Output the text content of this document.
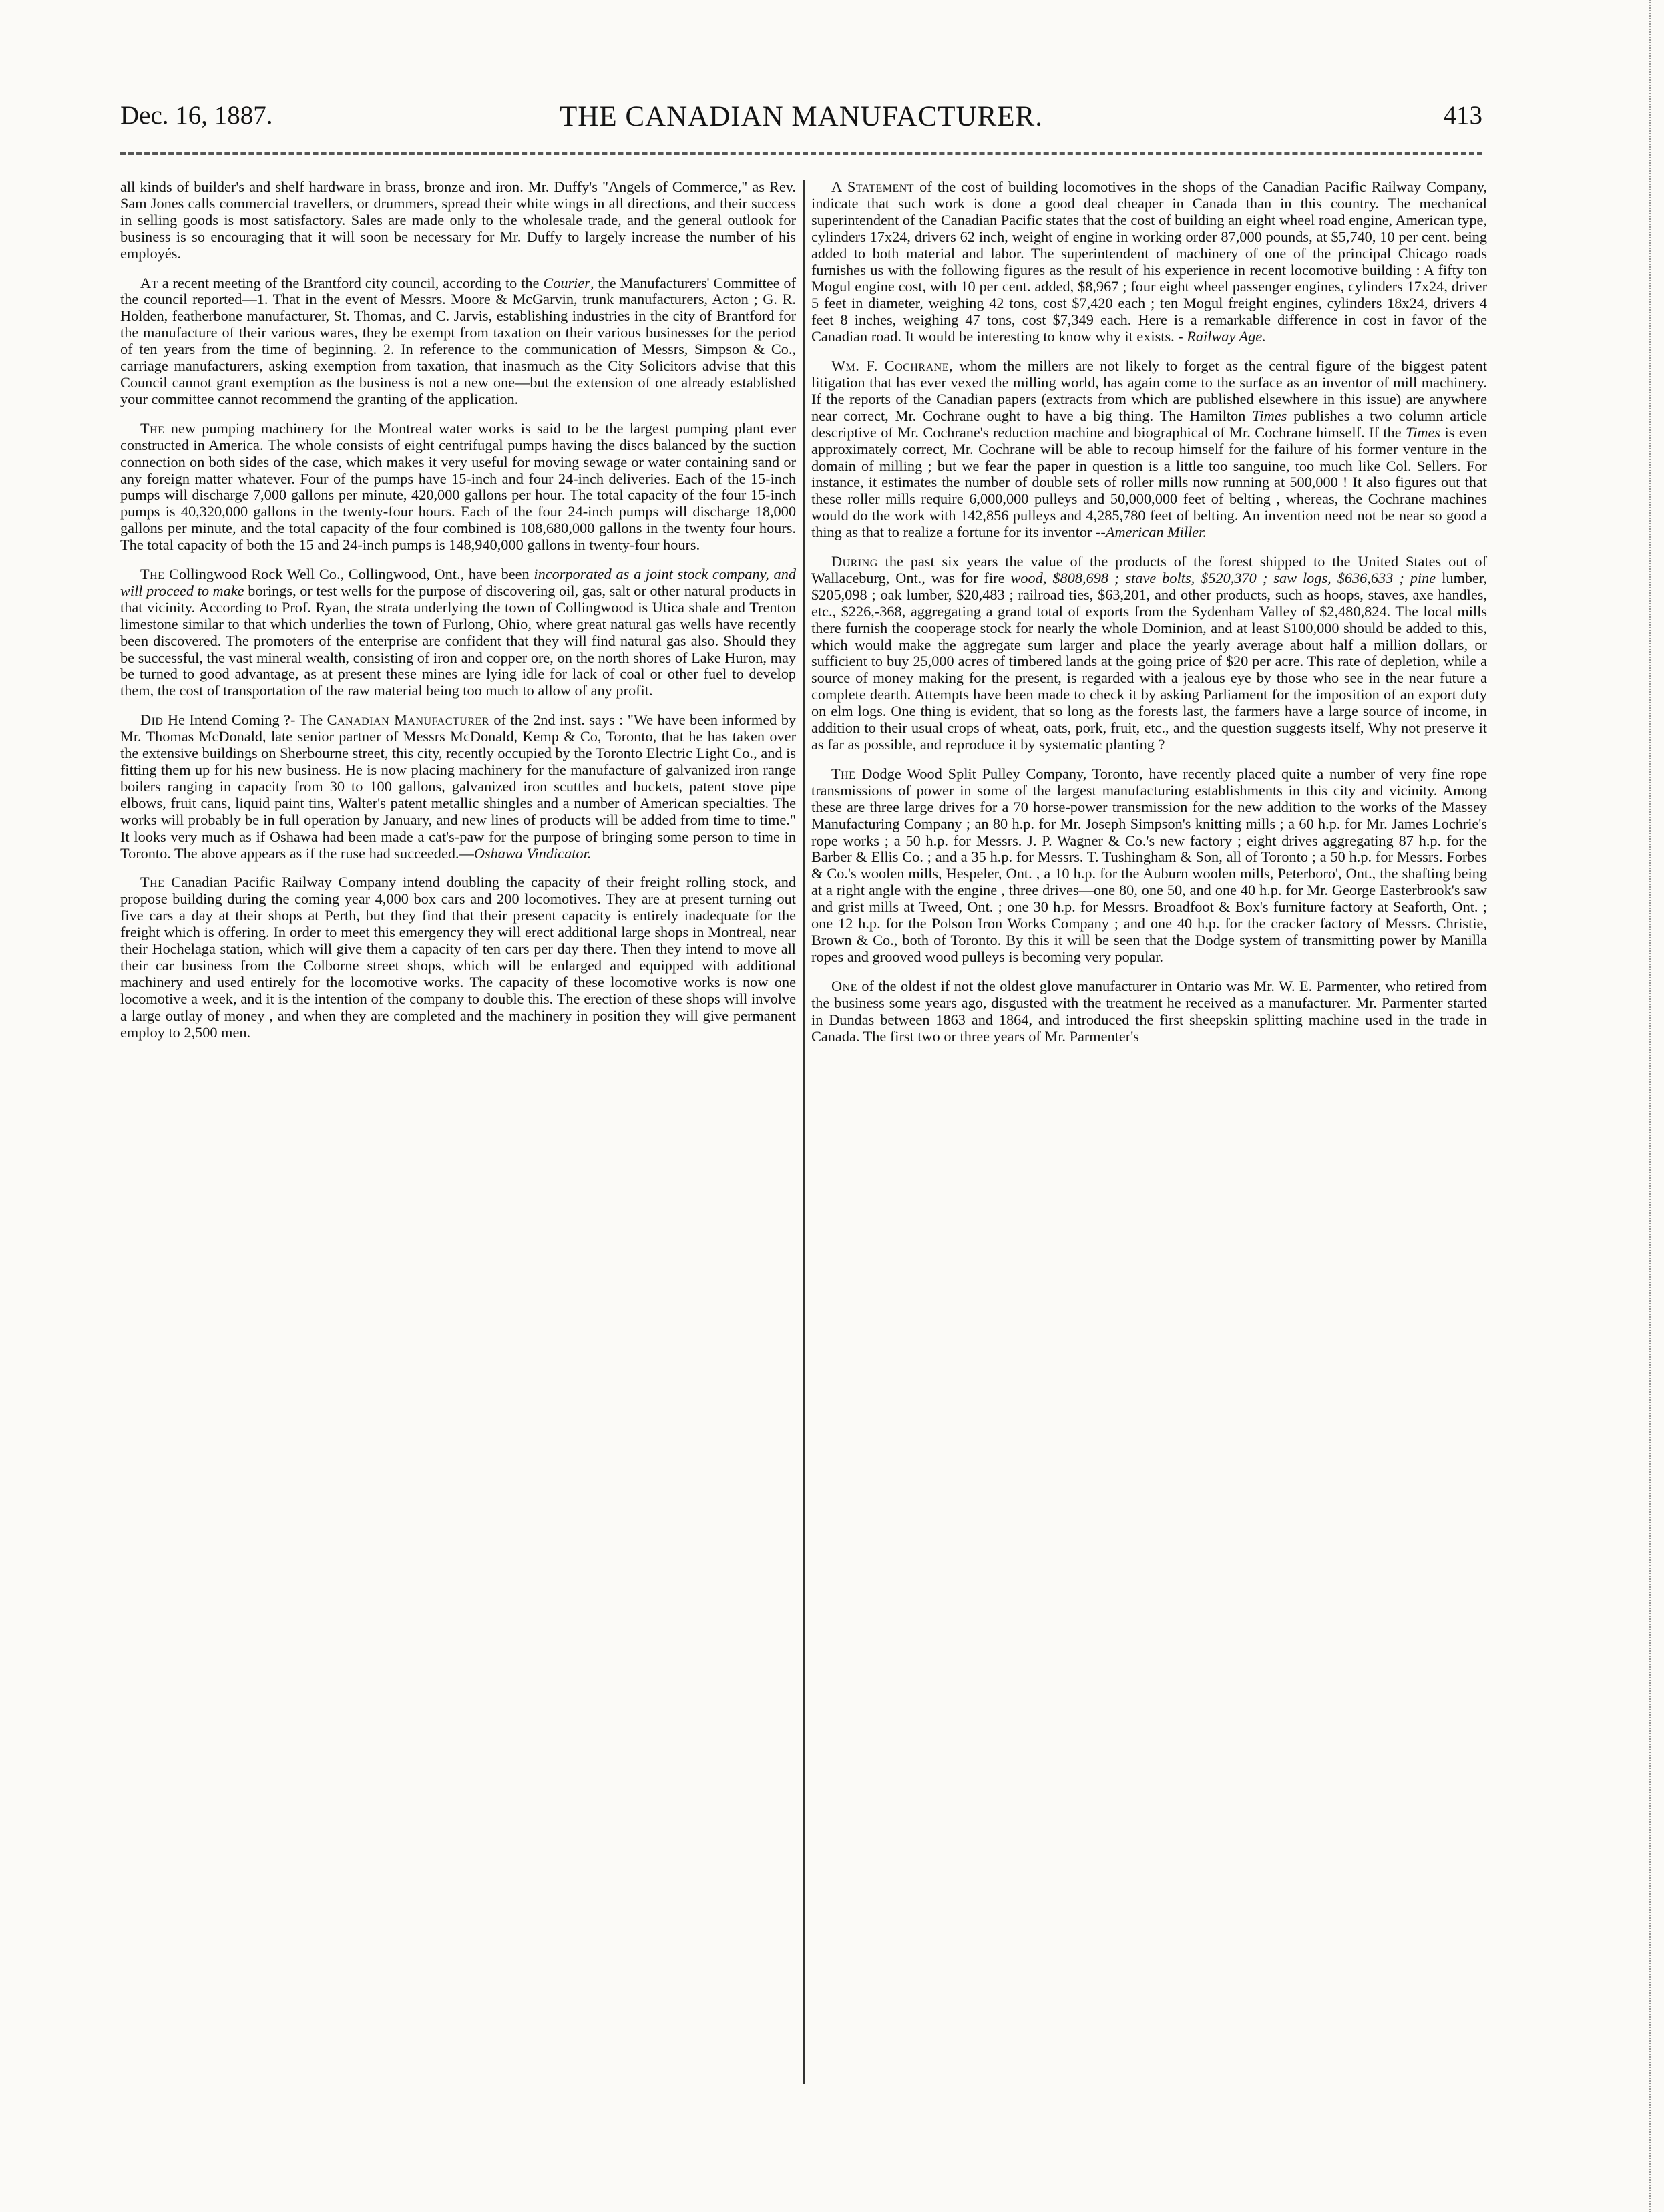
Dec. 16, 1887.	THE CANADIAN MANUFACTURER.	413

all kinds of builder's and shelf hardware in brass, bronze and iron. Mr. Duffy's "Angels of Commerce," as Rev. Sam Jones calls commercial travellers, or drummers, spread their white wings in all directions, and their success in selling goods is most satisfactory. Sales are made only to the wholesale trade, and the general outlook for business is so encouraging that it will soon be necessary for Mr. Duffy to largely increase the number of his employés.

At a recent meeting of the Brantford city council, according to the Courier, the Manufacturers' Committee of the council reported—1. That in the event of Messrs. Moore & McGarvin, trunk manufacturers, Acton ; G. R. Holden, featherbone manufacturer, St. Thomas, and C. Jarvis, establishing industries in the city of Brantford for the manufacture of their various wares, they be exempt from taxation on their various businesses for the period of ten years from the time of beginning. 2. In reference to the communication of Messrs, Simpson & Co., carriage manufacturers, asking exemption from taxation, that inasmuch as the City Solicitors advise that this Council cannot grant exemption as the business is not a new one—but the extension of one already established your committee cannot recommend the granting of the application.

The new pumping machinery for the Montreal water works is said to be the largest pumping plant ever constructed in America. The whole consists of eight centrifugal pumps having the discs balanced by the suction connection on both sides of the case, which makes it very useful for moving sewage or water containing sand or any foreign matter whatever. Four of the pumps have 15-inch and four 24-inch deliveries. Each of the 15-inch pumps will discharge 7,000 gallons per minute, 420,000 gallons per hour. The total capacity of the four 15-inch pumps is 40,320,000 gallons in the twenty-four hours. Each of the four 24-inch pumps will discharge 18,000 gallons per minute, and the total capacity of the four combined is 108,680,000 gallons in the twenty four hours. The total capacity of both the 15 and 24-inch pumps is 148,940,000 gallons in twenty-four hours.

The Collingwood Rock Well Co., Collingwood, Ont., have been incorporated as a joint stock company, and will proceed to make borings, or test wells for the purpose of discovering oil, gas, salt or other natural products in that vicinity. According to Prof. Ryan, the strata underlying the town of Collingwood is Utica shale and Trenton limestone similar to that which underlies the town of Furlong, Ohio, where great natural gas wells have recently been discovered. The promoters of the enterprise are confident that they will find natural gas also. Should they be successful, the vast mineral wealth, consisting of iron and copper ore, on the north shores of Lake Huron, may be turned to good advantage, as at present these mines are lying idle for lack of coal or other fuel to develop them, the cost of transportation of the raw material being too much to allow of any profit.

Did He Intend Coming ?- The Canadian Manufacturer of the 2nd inst. says : "We have been informed by Mr. Thomas McDonald, late senior partner of Messrs McDonald, Kemp & Co, Toronto, that he has taken over the extensive buildings on Sherbourne street, this city, recently occupied by the Toronto Electric Light Co., and is fitting them up for his new business. He is now placing machinery for the manufacture of galvanized iron range boilers ranging in capacity from 30 to 100 gallons, galvanized iron scuttles and buckets, patent stove pipe elbows, fruit cans, liquid paint tins, Walter's patent metallic shingles and a number of American specialties. The works will probably be in full operation by January, and new lines of products will be added from time to time." It looks very much as if Oshawa had been made a cat's-paw for the purpose of bringing some person to time in Toronto. The above appears as if the ruse had succeeded.—Oshawa Vindicator.

The Canadian Pacific Railway Company intend doubling the capacity of their freight rolling stock, and propose building during the coming year 4,000 box cars and 200 locomotives. They are at present turning out five cars a day at their shops at Perth, but they find that their present capacity is entirely inadequate for the freight which is offering. In order to meet this emergency they will erect additional large shops in Montreal, near their Hochelaga station, which will give them a capacity of ten cars per day there. Then they intend to move all their car business from the Colborne street shops, which will be enlarged and equipped with additional machinery and used entirely for the locomotive works. The capacity of these locomotive works is now one locomotive a week, and it is the intention of the company to double this. The erection of these shops will involve a large outlay of money , and when they are completed and the machinery in position they will give permanent employ to 2,500 men.

A Statement of the cost of building locomotives in the shops of the Canadian Pacific Railway Company, indicate that such work is done a good deal cheaper in Canada than in this country. The mechanical superintendent of the Canadian Pacific states that the cost of building an eight wheel road engine, American type, cylinders 17x24, drivers 62 inch, weight of engine in working order 87,000 pounds, at $5,740, 10 per cent. being added to both material and labor. The superintendent of machinery of one of the principal Chicago roads furnishes us with the following figures as the result of his experience in recent locomotive building : A fifty ton Mogul engine cost, with 10 per cent. added, $8,967 ; four eight wheel passenger engines, cylinders 17x24, driver 5 feet in diameter, weighing 42 tons, cost $7,420 each ; ten Mogul freight engines, cylinders 18x24, drivers 4 feet 8 inches, weighing 47 tons, cost $7,349 each. Here is a remarkable difference in cost in favor of the Canadian road. It would be interesting to know why it exists. - Railway Age.

Wm. F. Cochrane, whom the millers are not likely to forget as the central figure of the biggest patent litigation that has ever vexed the milling world, has again come to the surface as an inventor of mill machinery. If the reports of the Canadian papers (extracts from which are published elsewhere in this issue) are anywhere near correct, Mr. Cochrane ought to have a big thing. The Hamilton Times publishes a two column article descriptive of Mr. Cochrane's reduction machine and biographical of Mr. Cochrane himself. If the Times is even approximately correct, Mr. Cochrane will be able to recoup himself for the failure of his former venture in the domain of milling ; but we fear the paper in question is a little too sanguine, too much like Col. Sellers. For instance, it estimates the number of double sets of roller mills now running at 500,000 ! It also figures out that these roller mills require 6,000,000 pulleys and 50,000,000 feet of belting , whereas, the Cochrane machines would do the work with 142,856 pulleys and 4,285,780 feet of belting. An invention need not be near so good a thing as that to realize a fortune for its inventor --American Miller.

During the past six years the value of the products of the forest shipped to the United States out of Wallaceburg, Ont., was for fire wood, $808,698 ; stave bolts, $520,370 ; saw logs, $636,633 ; pine lumber, $205,098 ; oak lumber, $20,483 ; railroad ties, $63,201, and other products, such as hoops, staves, axe handles, etc., $226,-368, aggregating a grand total of exports from the Sydenham Valley of $2,480,824. The local mills there furnish the cooperage stock for nearly the whole Dominion, and at least $100,000 should be added to this, which would make the aggregate sum larger and place the yearly average about half a million dollars, or sufficient to buy 25,000 acres of timbered lands at the going price of $20 per acre. This rate of depletion, while a source of money making for the present, is regarded with a jealous eye by those who see in the near future a complete dearth. Attempts have been made to check it by asking Parliament for the imposition of an export duty on elm logs. One thing is evident, that so long as the forests last, the farmers have a large source of income, in addition to their usual crops of wheat, oats, pork, fruit, etc., and the question suggests itself, Why not preserve it as far as possible, and reproduce it by systematic planting ?

The Dodge Wood Split Pulley Company, Toronto, have recently placed quite a number of very fine rope transmissions of power in some of the largest manufacturing establishments in this city and vicinity. Among these are three large drives for a 70 horse-power transmission for the new addition to the works of the Massey Manufacturing Company ; an 80 h.p. for Mr. Joseph Simpson's knitting mills ; a 60 h.p. for Mr. James Lochrie's rope works ; a 50 h.p. for Messrs. J. P. Wagner & Co.'s new factory ; eight drives aggregating 87 h.p. for the Barber & Ellis Co. ; and a 35 h.p. for Messrs. T. Tushingham & Son, all of Toronto ; a 50 h.p. for Messrs. Forbes & Co.'s woolen mills, Hespeler, Ont. , a 10 h.p. for the Auburn woolen mills, Peterboro', Ont., the shafting being at a right angle with the engine , three drives—one 80, one 50, and one 40 h.p. for Mr. George Easterbrook's saw and grist mills at Tweed, Ont. ; one 30 h.p. for Messrs. Broadfoot & Box's furniture factory at Seaforth, Ont. ; one 12 h.p. for the Polson Iron Works Company ; and one 40 h.p. for the cracker factory of Messrs. Christie, Brown & Co., both of Toronto. By this it will be seen that the Dodge system of transmitting power by Manilla ropes and grooved wood pulleys is becoming very popular.

One of the oldest if not the oldest glove manufacturer in Ontario was Mr. W. E. Parmenter, who retired from the business some years ago, disgusted with the treatment he received as a manufacturer. Mr. Parmenter started in Dundas between 1863 and 1864, and introduced the first sheepskin splitting machine used in the trade in Canada. The first two or three years of Mr. Parmenter's
